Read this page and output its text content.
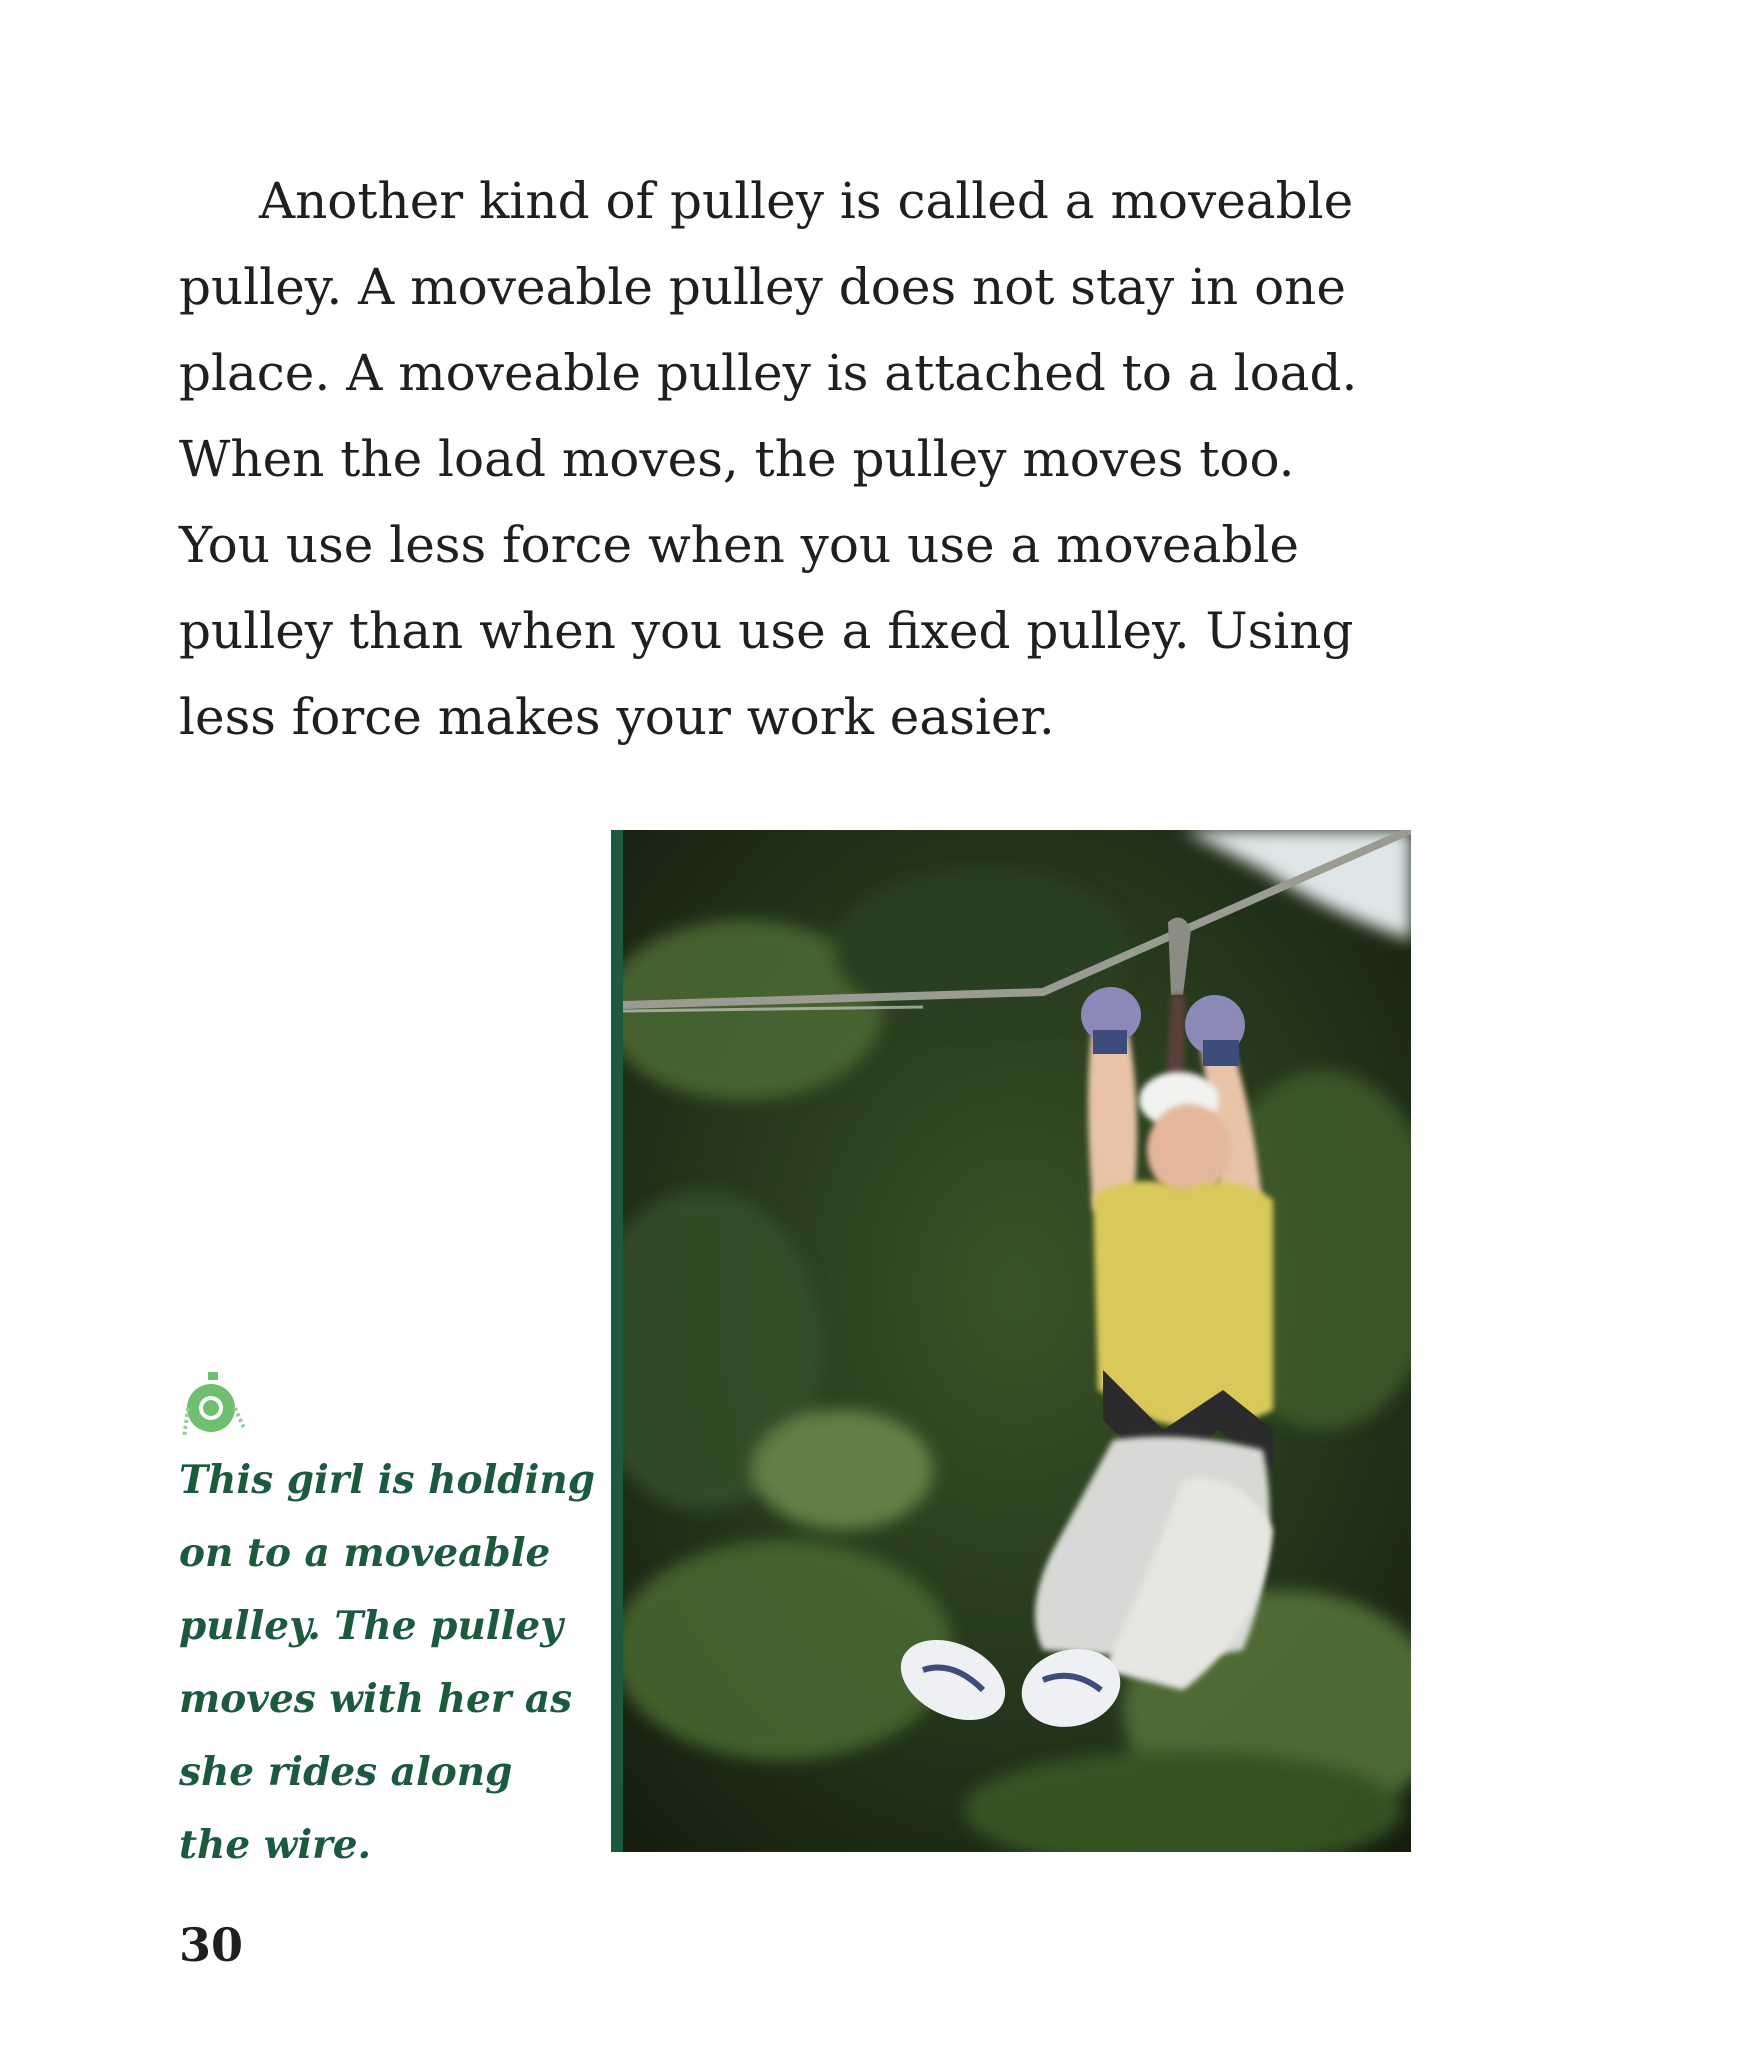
Another kind of pulley is called a moveable
pulley. A moveable pulley does not stay in one
place. A moveable pulley is attached to a load.
When the load moves, the pulley moves too.
You use less force when you use a moveable
pulley than when you use a fixed pulley. Using
less force makes your work easier.
This girl is holding
on to a moveable
pulley. The pulley
moves with her as
she rides along
the wire.
30
